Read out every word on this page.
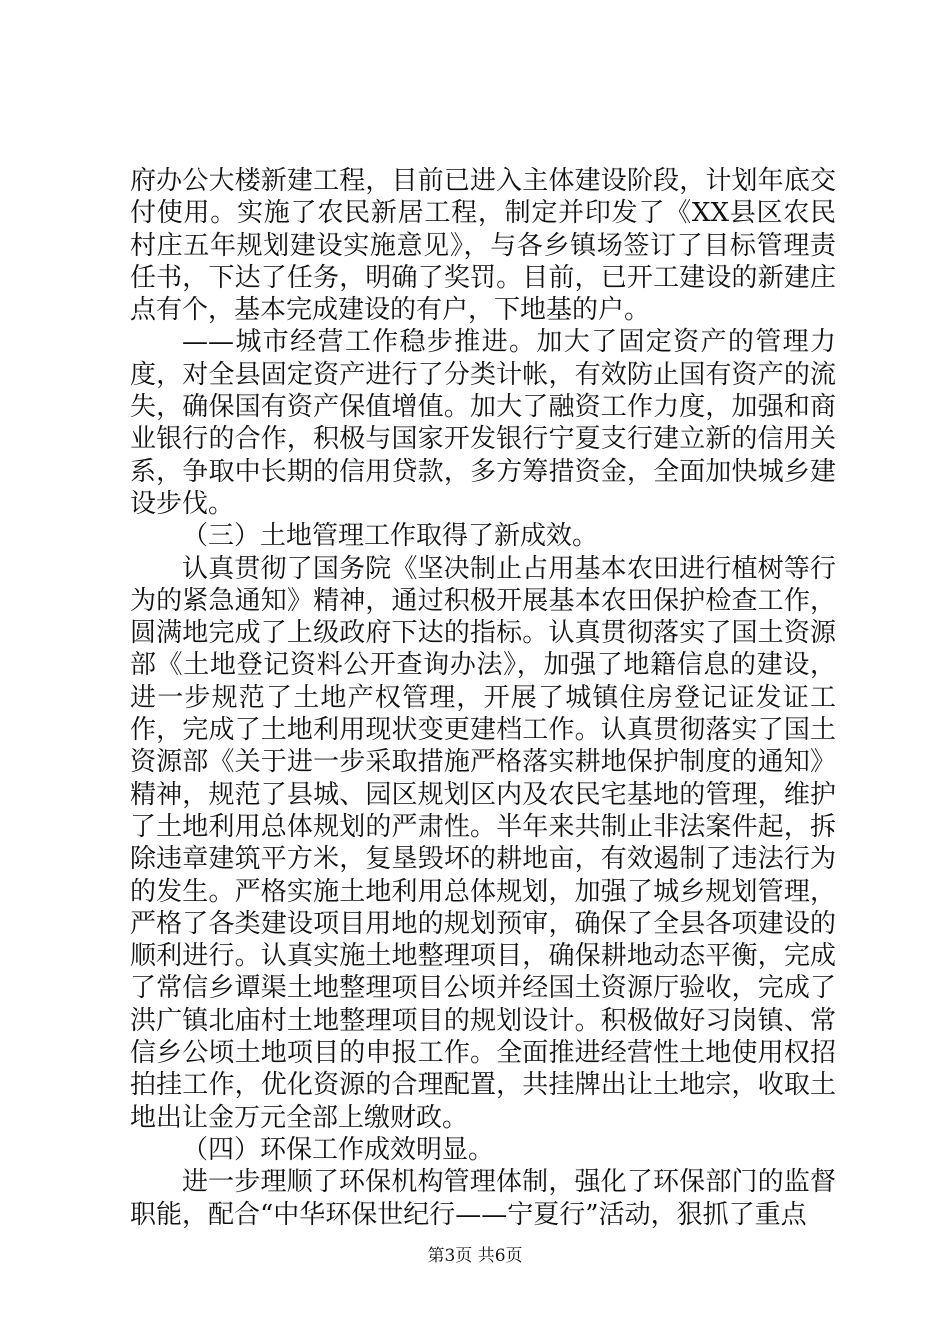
府办公大楼新建工程，目前已进入主体建设阶段，计划年底交付使用。实施了农民新居工程，制定并印发了《XX县区农民村庄五年规划建设实施意见》，与各乡镇场签订了目标管理责任书，下达了任务，明确了奖罚。目前，已开工建设的新建庄点有个，基本完成建设的有户，下地基的户。

——城市经营工作稳步推进。加大了固定资产的管理力度，对全县固定资产进行了分类计帐，有效防止国有资产的流失，确保国有资产保值增值。加大了融资工作力度，加强和商业银行的合作，积极与国家开发银行宁夏支行建立新的信用关系，争取中长期的信用贷款，多方筹措资金，全面加快城乡建设步伐。

（三）土地管理工作取得了新成效。

认真贯彻了国务院《坚决制止占用基本农田进行植树等行为的紧急通知》精神，通过积极开展基本农田保护检查工作，圆满地完成了上级政府下达的指标。认真贯彻落实了国土资源部《土地登记资料公开查询办法》，加强了地籍信息的建设，进一步规范了土地产权管理，开展了城镇住房登记证发证工作，完成了土地利用现状变更建档工作。认真贯彻落实了国土资源部《关于进一步采取措施严格落实耕地保护制度的通知》精神，规范了县城、园区规划区内及农民宅基地的管理，维护了土地利用总体规划的严肃性。半年来共制止非法案件起，拆除违章建筑平方米，复垦毁坏的耕地亩，有效遏制了违法行为的发生。严格实施土地利用总体规划，加强了城乡规划管理，严格了各类建设项目用地的规划预审，确保了全县各项建设的顺利进行。认真实施土地整理项目，确保耕地动态平衡，完成了常信乡谭渠土地整理项目公顷并经国土资源厅验收，完成了洪广镇北庙村土地整理项目的规划设计。积极做好习岗镇、常信乡公顷土地项目的申报工作。全面推进经营性土地使用权招拍挂工作，优化资源的合理配置，共挂牌出让土地宗，收取土地出让金万元全部上缴财政。

（四）环保工作成效明显。

进一步理顺了环保机构管理体制，强化了环保部门的监督职能，配合“中华环保世纪行——宁夏行”活动，狠抓了重点

第3页 共6页
